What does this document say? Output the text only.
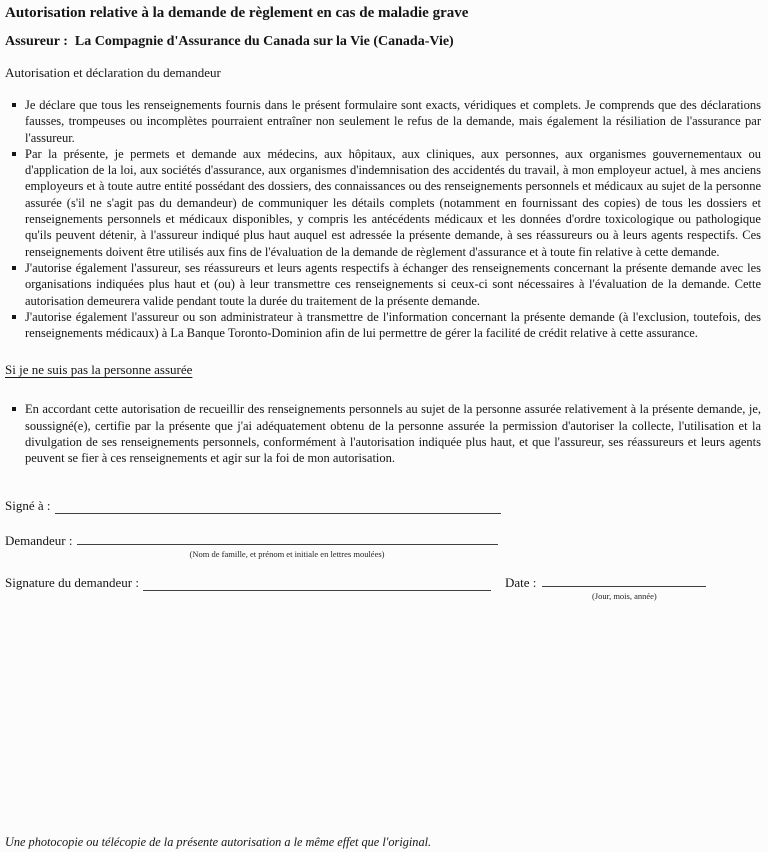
Autorisation relative à la demande de règlement en cas de maladie grave
Assureur : La Compagnie d'Assurance du Canada sur la Vie (Canada-Vie)
Autorisation et déclaration du demandeur
Je déclare que tous les renseignements fournis dans le présent formulaire sont exacts, véridiques et complets. Je comprends que des déclarations fausses, trompeuses ou incomplètes pourraient entraîner non seulement le refus de la demande, mais également la résiliation de l'assurance par l'assureur.
Par la présente, je permets et demande aux médecins, aux hôpitaux, aux cliniques, aux personnes, aux organismes gouvernementaux ou d'application de la loi, aux sociétés d'assurance, aux organismes d'indemnisation des accidentés du travail, à mon employeur actuel, à mes anciens employeurs et à toute autre entité possédant des dossiers, des connaissances ou des renseignements personnels et médicaux au sujet de la personne assurée (s'il ne s'agit pas du demandeur) de communiquer les détails complets (notamment en fournissant des copies) de tous les dossiers et renseignements personnels et médicaux disponibles, y compris les antécédents médicaux et les données d'ordre toxicologique ou pathologique qu'ils peuvent détenir, à l'assureur indiqué plus haut auquel est adressée la présente demande, à ses réassureurs ou à leurs agents respectifs. Ces renseignements doivent être utilisés aux fins de l'évaluation de la demande de règlement d'assurance et à toute fin relative à cette demande.
J'autorise également l'assureur, ses réassureurs et leurs agents respectifs à échanger des renseignements concernant la présente demande avec les organisations indiquées plus haut et (ou) à leur transmettre ces renseignements si ceux-ci sont nécessaires à l'évaluation de la demande. Cette autorisation demeurera valide pendant toute la durée du traitement de la présente demande.
J'autorise également l'assureur ou son administrateur à transmettre de l'information concernant la présente demande (à l'exclusion, toutefois, des renseignements médicaux) à La Banque Toronto-Dominion afin de lui permettre de gérer la facilité de crédit relative à cette assurance.
Si je ne suis pas la personne assurée
En accordant cette autorisation de recueillir des renseignements personnels au sujet de la personne assurée relativement à la présente demande, je, soussigné(e), certifie par la présente que j'ai adéquatement obtenu de la personne assurée la permission d'autoriser la collecte, l'utilisation et la divulgation de ses renseignements personnels, conformément à l'autorisation indiquée plus haut, et que l'assureur, ses réassureurs et leurs agents peuvent se fier à ces renseignements et agir sur la foi de mon autorisation.
Signé à :
Demandeur :
(Nom de famille, et prénom et initiale en lettres moulées)
Signature du demandeur :	Date :
(Jour, mois, année)
Une photocopie ou télécopie de la présente autorisation a le même effet que l'original.
